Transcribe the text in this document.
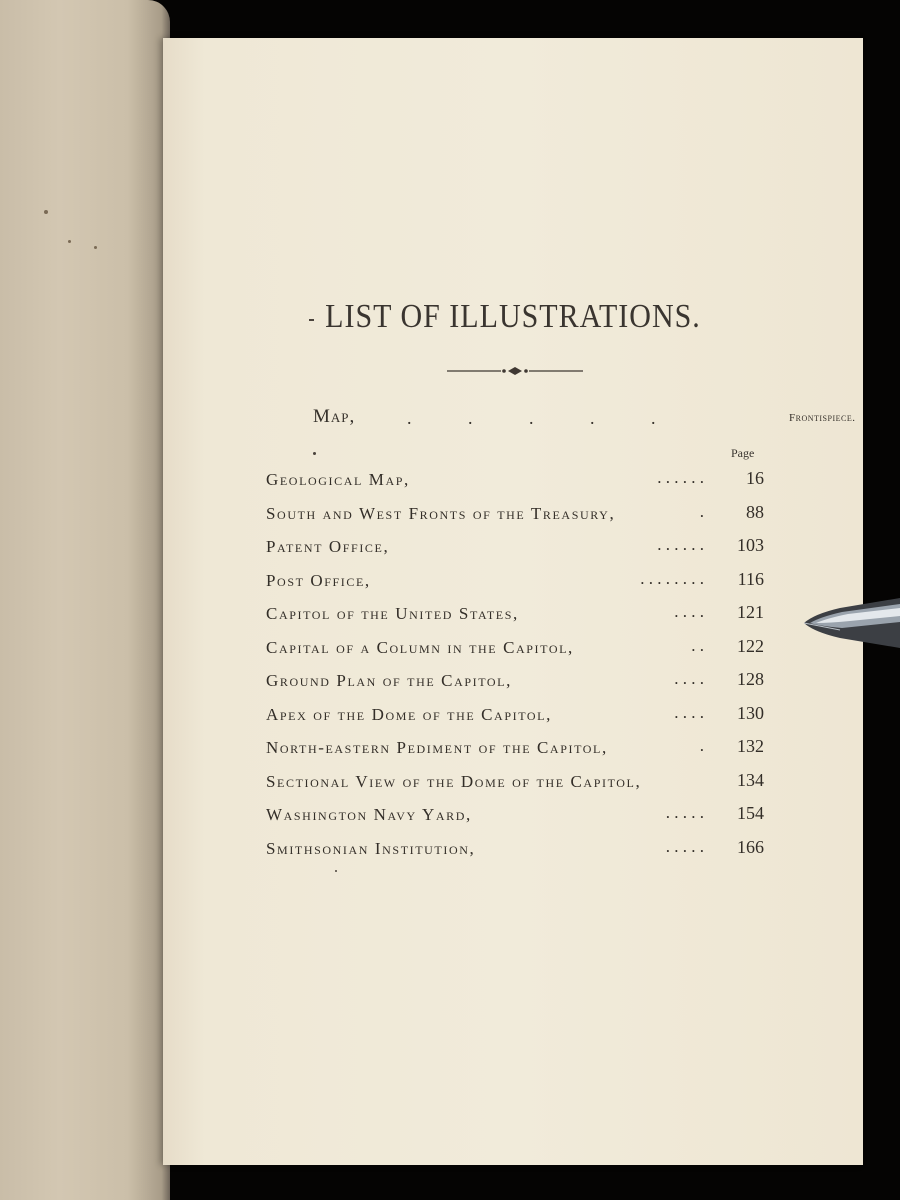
LIST OF ILLUSTRATIONS.
Map,	. . . . .	Frontispiece.
Page
Geological Map,	. . . . . .	16
South and West Fronts of the Treasury,	.	88
Patent Office,	. . . . . .	103
Post Office,	. . . . . . . .	116
Capitol of the United States,	. . . .	121
Capital of a Column in the Capitol,	. .	122
Ground Plan of the Capitol,	. . . .	128
Apex of the Dome of the Capitol,	. . . .	130
North-eastern Pediment of the Capitol,	.	132
Sectional View of the Dome of the Capitol,	134
Washington Navy Yard,	. . . . .	154
Smithsonian Institution,	. . . . .	166
